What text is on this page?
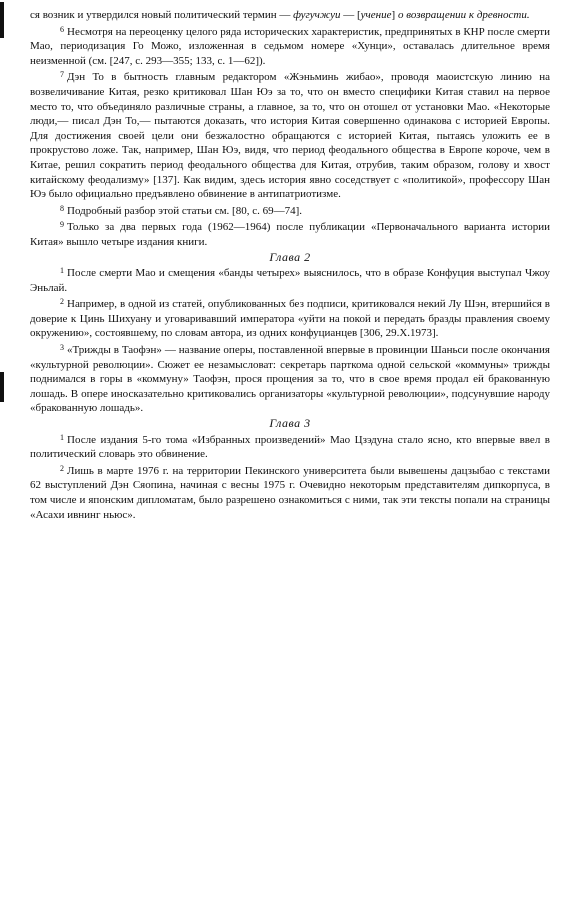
ся возник и утвердился новый политический термин — фугучжуи — [учение] о возвращении к древности.

$^6$ Несмотря на переоценку целого ряда исторических характеристик, предпринятых в КНР после смерти Мао, периодизация Го Можо, изложенная в седьмом номере «Хунци», оставалась длительное время неизменной (см. [247, с. 293—355; 133, с. 1—62]).

$^7$ Дэн То в бытность главным редактором «Жэньминь жибао», проводя маоистскую линию на возвеличивание Китая, резко критиковал Шан Юэ за то, что он вместо специфики Китая ставил на первое место то, что объединяло различные страны, а главное, за то, что он отошел от установки Мао. «Некоторые люди,— писал Дэн То,— пытаются доказать, что история Китая совершенно одинакова с историей Европы. Для достижения своей цели они безжалостно обращаются с историей Китая, пытаясь уложить ее в прокрустово ложе. Так, например, Шан Юэ, видя, что период феодального общества в Европе короче, чем в Китае, решил сократить период феодального общества для Китая, отрубив, таким образом, голову и хвост китайскому феодализму» [137]. Как видим, здесь история явно соседствует с «политикой», профессору Шан Юэ было официально предъявлено обвинение в антипатриотизме.

$^8$ Подробный разбор этой статьи см. [80, с. 69—74].

$^9$ Только за два первых года (1962—1964) после публикации «Первоначального варианта истории Китая» вышло четыре издания книги.

Глава 2

$^1$ После смерти Мао и смещения «банды четырех» выяснилось, что в образе Конфуция выступал Чжоу Эньлай.

$^2$ Например, в одной из статей, опубликованных без подписи, критиковался некий Лу Шэн, втершийся в доверие к Цинь Шихуану и уговаривавший императора «уйти на покой и передать бразды правления своему окружению», состоявшему, по словам автора, из одних конфуцианцев [306, 29.X.1973].

$^3$ «Трижды в Таофэн» — название оперы, поставленной впервые в провинции Шаньси после окончания «культурной революции». Сюжет ее незамысловат: секретарь парткома одной сельской «коммуны» трижды поднимался в горы в «коммуну» Таофэн, прося прощения за то, что в свое время продал ей бракованную лошадь. В опере иносказательно критиковались организаторы «культурной революции», подсунувшие народу «бракованную лошадь».

Глава 3

$^1$ После издания 5-го тома «Избранных произведений» Мао Цзэдуна стало ясно, кто впервые ввел в политический словарь это обвинение.

$^2$ Лишь в марте 1976 г. на территории Пекинского университета были вывешены дацзыбао с текстами 62 выступлений Дэн Сяопина, начиная с весны 1975 г. Очевидно некоторым представителям дипкорпуса, в том числе и японским дипломатам, было разрешено ознакомиться с ними, так эти тексты попали на страницы «Асахи ивнинг ньюс».
